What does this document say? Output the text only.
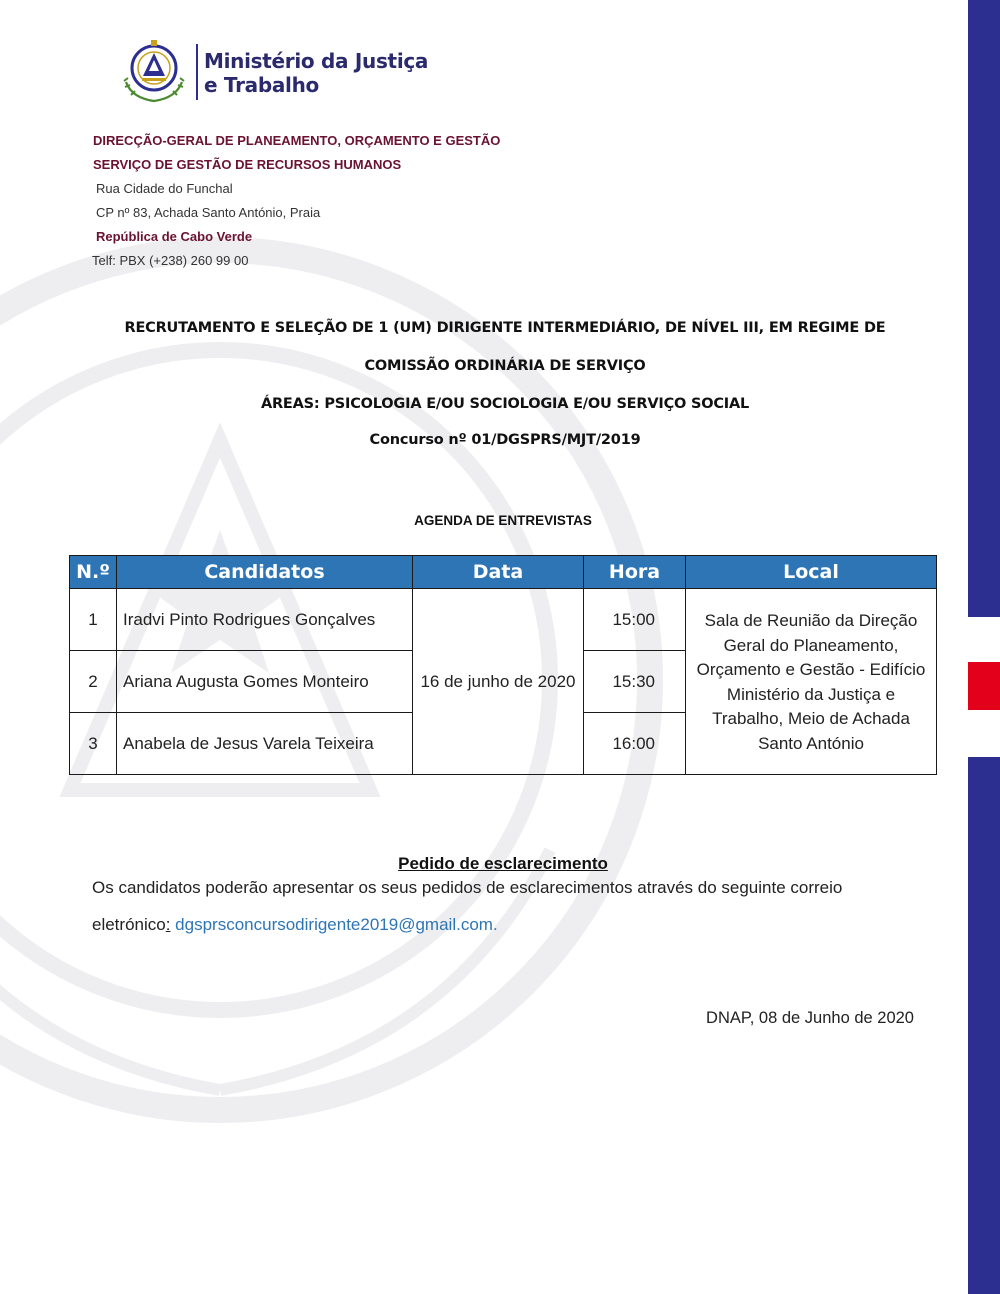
Ministério da Justiça
e Trabalho
DIRECÇÃO-GERAL DE PLANEAMENTO, ORÇAMENTO E GESTÃO
SERVIÇO DE GESTÃO DE RECURSOS HUMANOS
Rua Cidade do Funchal
CP nº 83, Achada Santo António, Praia
República de Cabo Verde
Telf: PBX (+238) 260 99 00
RECRUTAMENTO E SELEÇÃO DE 1 (UM) DIRIGENTE INTERMEDIÁRIO, DE NÍVEL III, EM REGIME DE
COMISSÃO ORDINÁRIA DE SERVIÇO
ÁREAS: PSICOLOGIA E/OU SOCIOLOGIA E/OU SERVIÇO SOCIAL
Concurso nº 01/DGSPRS/MJT/2019
AGENDA DE ENTREVISTAS
N.º	Candidatos	Data	Hora	Local
1	Iradvi Pinto Rodrigues Gonçalves	16 de junho de 2020	15:00	Sala de Reunião da Direção Geral do Planeamento, Orçamento e Gestão - Edifício Ministério da Justiça e Trabalho, Meio de Achada Santo António
2	Ariana Augusta Gomes Monteiro		15:30	
3	Anabela de Jesus Varela Teixeira		16:00	
Pedido de esclarecimento
Os candidatos poderão apresentar os seus pedidos de esclarecimentos através do seguinte correio
eletrónico: dgsprsconcursodirigente2019@gmail.com.
DNAP, 08 de Junho de 2020
